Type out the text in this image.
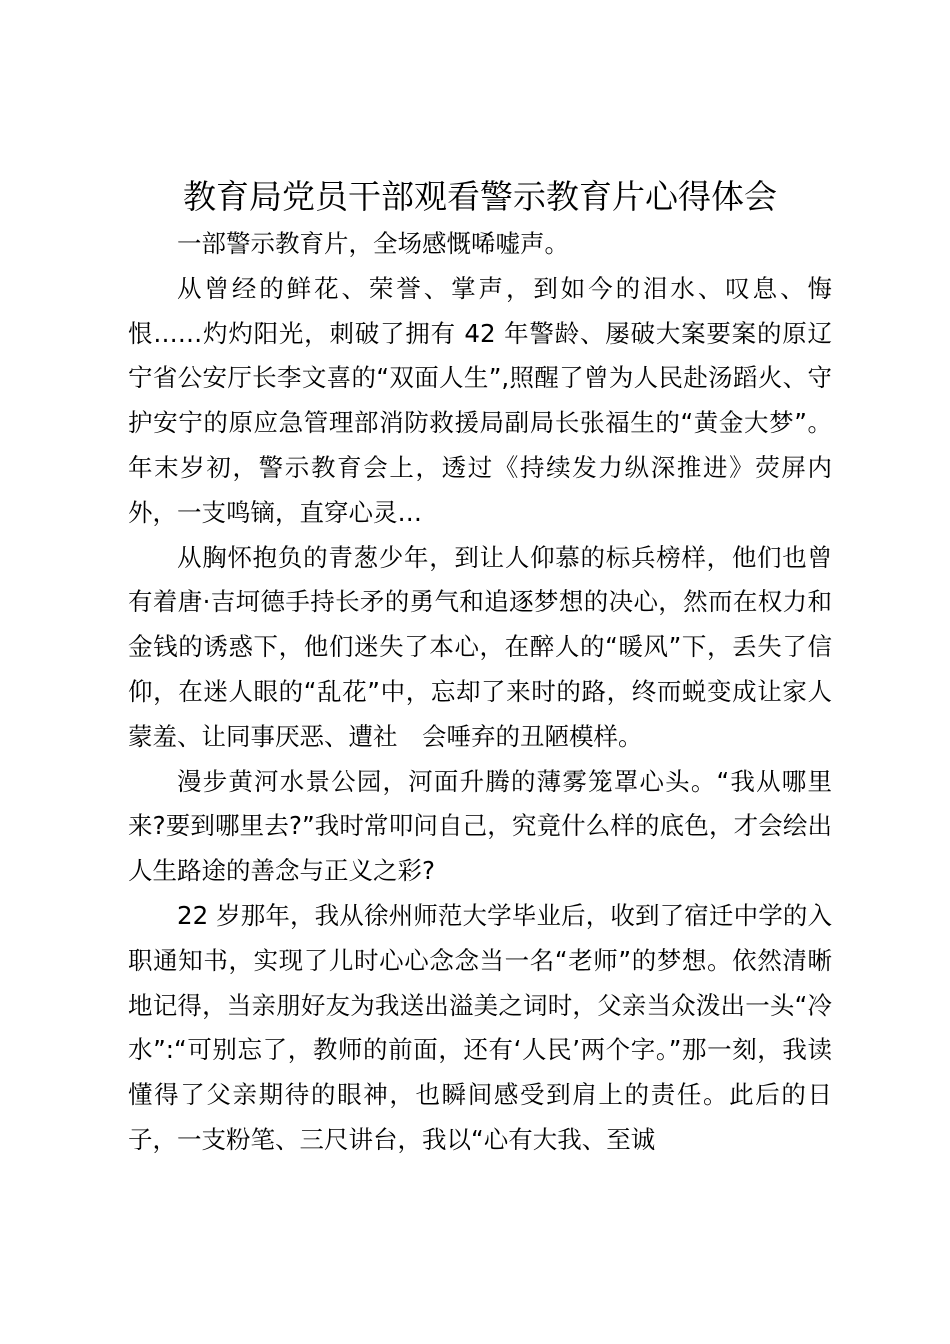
教育局党员干部观看警示教育片心得体会

一部警示教育片，全场感慨唏嘘声。

从曾经的鲜花、荣誉、掌声，到如今的泪水、叹息、悔恨……灼灼阳光，刺破了拥有 42 年警龄、屡破大案要案的原辽宁省公安厅长李文喜的“双面人生”,照醒了曾为人民赴汤蹈火、守护安宁的原应急管理部消防救援局副局长张福生的“黄金大梦”。年末岁初，警示教育会上，透过《持续发力纵深推进》荧屏内外，一支鸣镝，直穿心灵…

从胸怀抱负的青葱少年，到让人仰慕的标兵榜样，他们也曾有着唐·吉坷德手持长矛的勇气和追逐梦想的决心，然而在权力和金钱的诱惑下，他们迷失了本心，在醉人的“暖风”下，丢失了信仰，在迷人眼的“乱花”中，忘却了来时的路，终而蜕变成让家人蒙羞、让同事厌恶、遭社　会唾弃的丑陋模样。

漫步黄河水景公园，河面升腾的薄雾笼罩心头。“我从哪里来?要到哪里去?”我时常叩问自己，究竟什么样的底色，才会绘出人生路途的善念与正义之彩?

22 岁那年，我从徐州师范大学毕业后，收到了宿迁中学的入职通知书，实现了儿时心心念念当一名“老师”的梦想。依然清晰地记得，当亲朋好友为我送出溢美之词时，父亲当众泼出一头“冷水”:“可别忘了，教师的前面，还有‘人民’两个字。”那一刻，我读懂得了父亲期待的眼神，也瞬间感受到肩上的责任。此后的日子，一支粉笔、三尺讲台，我以“心有大我、至诚
